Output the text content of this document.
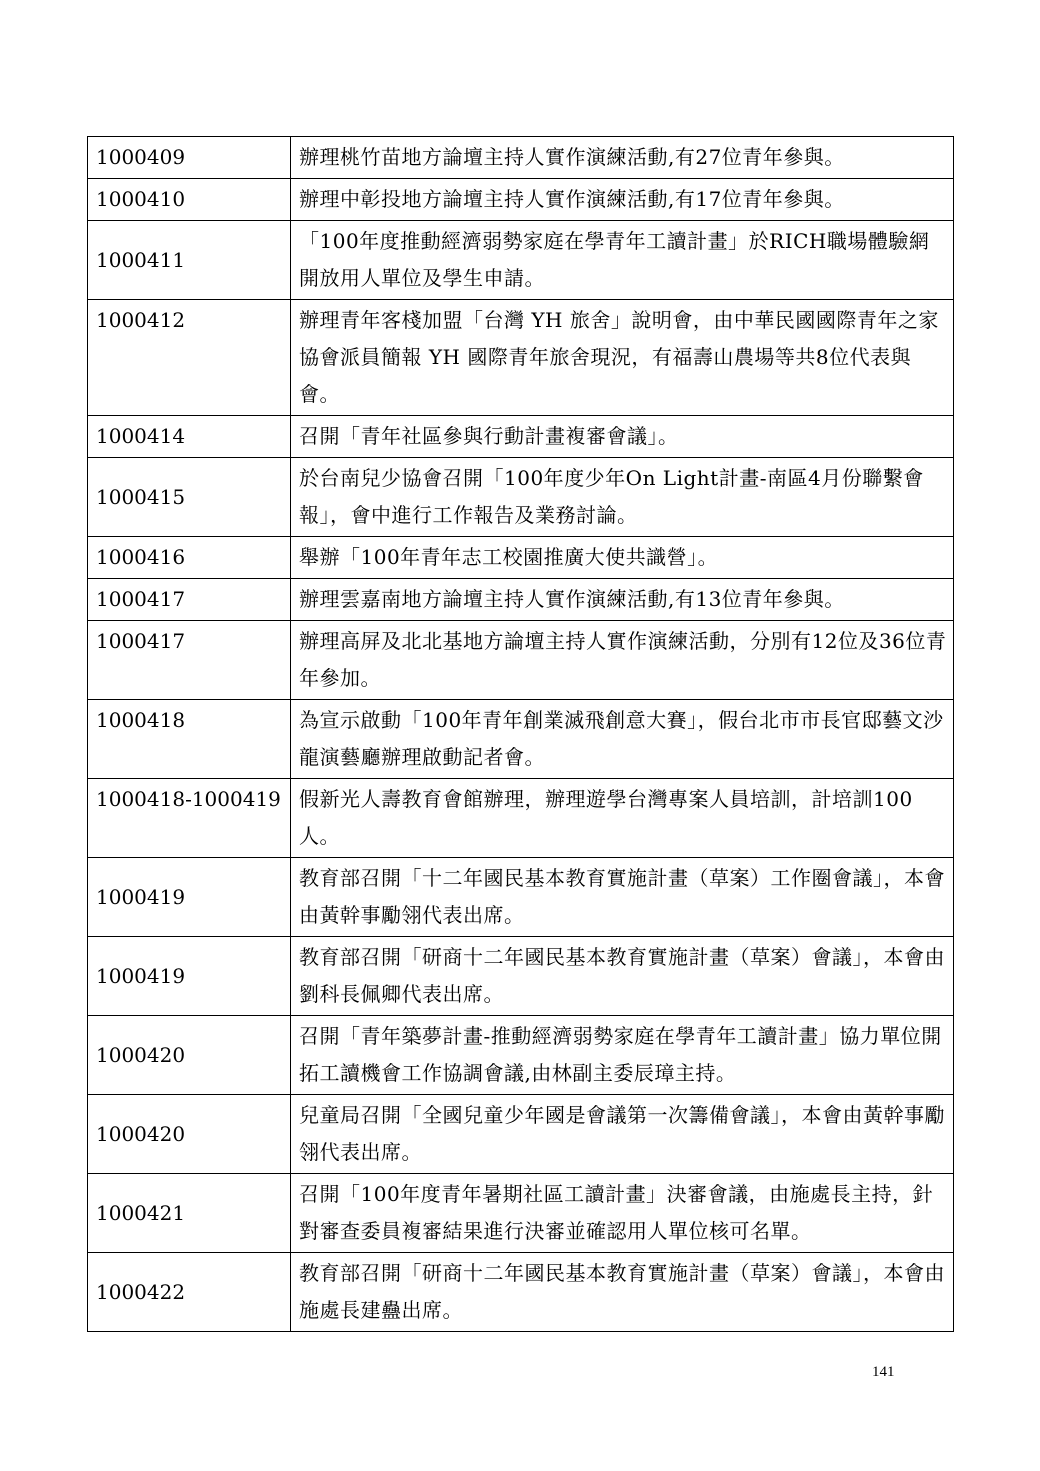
1000409	辦理桃竹苗地方論壇主持人實作演練活動,有27位青年參與。
1000410	辦理中彰投地方論壇主持人實作演練活動,有17位青年參與。
1000411	「100年度推動經濟弱勢家庭在學青年工讀計畫」於RICH職場體驗網開放用人單位及學生申請。
1000412	辦理青年客棧加盟「台灣 YH 旅舍」說明會，由中華民國國際青年之家協會派員簡報 YH 國際青年旅舍現況，有福壽山農場等共8位代表與會。
1000414	召開「青年社區參與行動計畫複審會議」。
1000415	於台南兒少協會召開「100年度少年On Light計畫-南區4月份聯繫會報」，會中進行工作報告及業務討論。
1000416	舉辦「100年青年志工校園推廣大使共識營」。
1000417	辦理雲嘉南地方論壇主持人實作演練活動,有13位青年參與。
1000417	辦理高屏及北北基地方論壇主持人實作演練活動，分別有12位及36位青年參加。
1000418	為宣示啟動「100年青年創業滅飛創意大賽」，假台北市市長官邸藝文沙龍演藝廳辦理啟動記者會。
1000418-1000419	假新光人壽教育會館辦理，辦理遊學台灣專案人員培訓，計培訓100人。
1000419	教育部召開「十二年國民基本教育實施計畫（草案）工作圈會議」，本會由黃幹事勵翎代表出席。
1000419	教育部召開「研商十二年國民基本教育實施計畫（草案）會議」，本會由劉科長佩卿代表出席。
1000420	召開「青年築夢計畫-推動經濟弱勢家庭在學青年工讀計畫」協力單位開拓工讀機會工作協調會議,由林副主委辰璋主持。
1000420	兒童局召開「全國兒童少年國是會議第一次籌備會議」，本會由黃幹事勵翎代表出席。
1000421	召開「100年度青年暑期社區工讀計畫」決審會議，由施處長主持，針對審查委員複審結果進行決審並確認用人單位核可名單。
1000422	教育部召開「研商十二年國民基本教育實施計畫（草案）會議」，本會由施處長建蠱出席。
141
